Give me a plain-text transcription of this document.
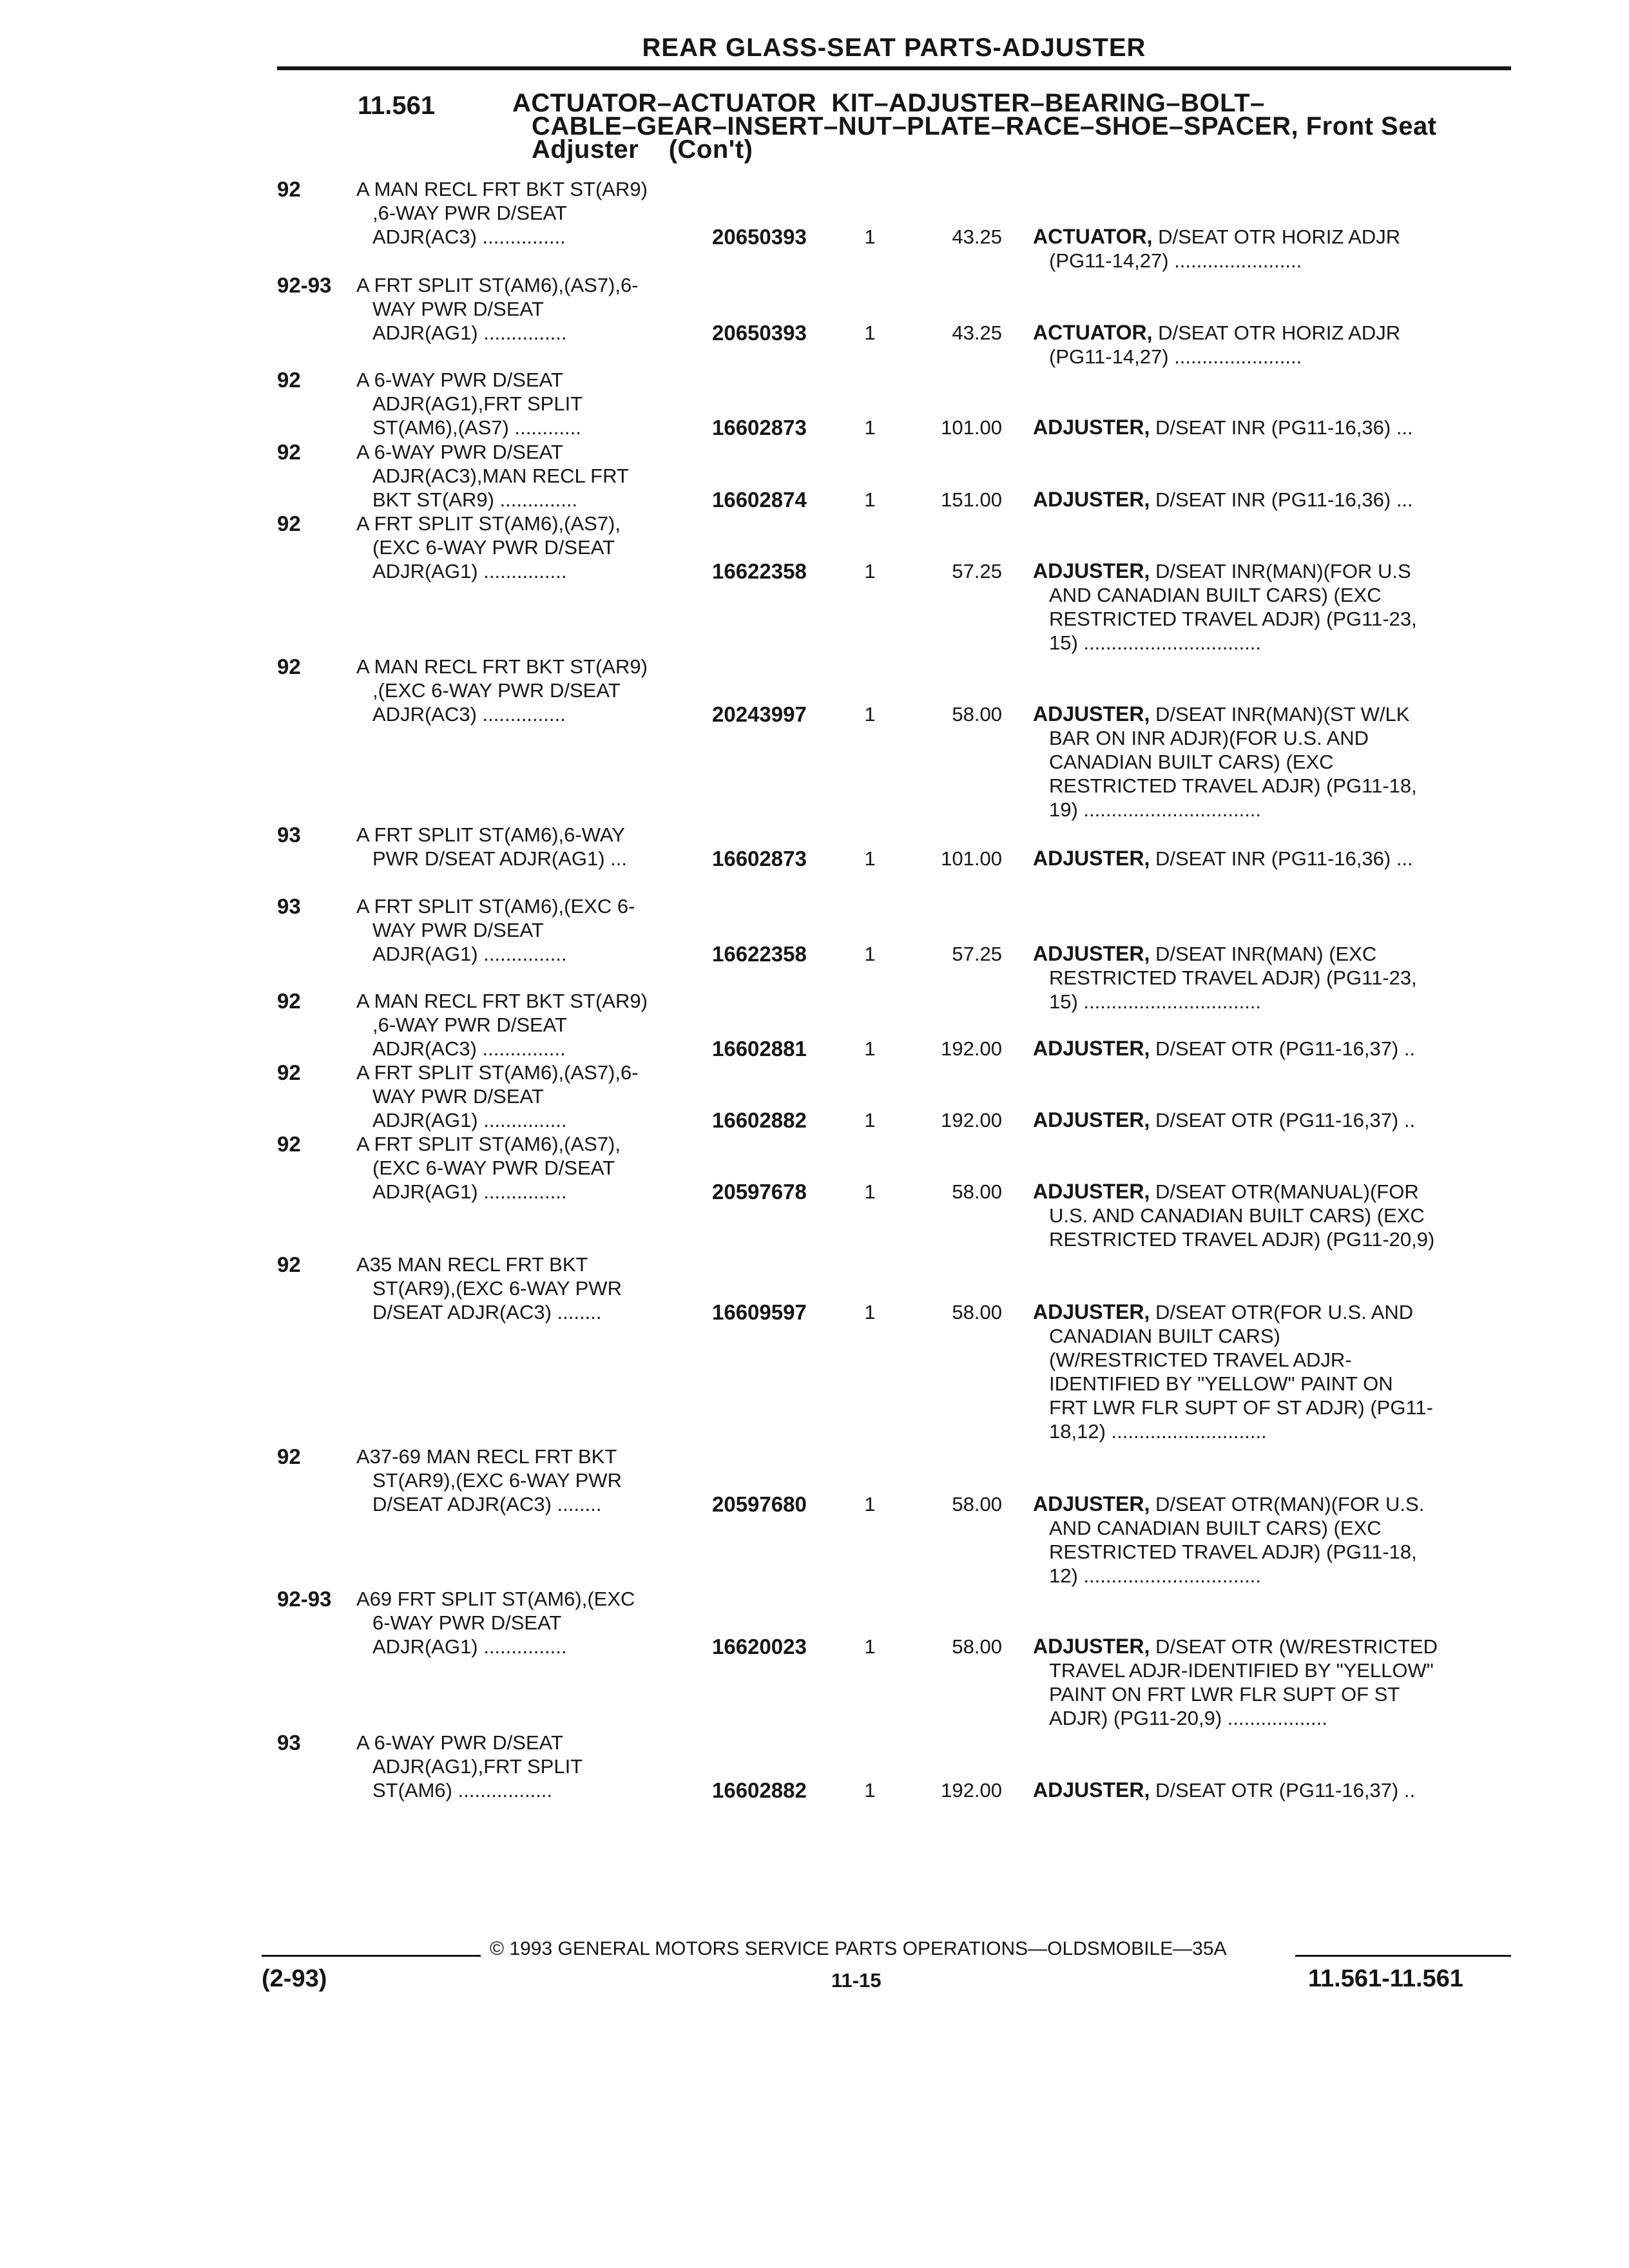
REAR GLASS-SEAT PARTS-ADJUSTER
11.561	ACTUATOR–ACTUATOR  KIT–ADJUSTER–BEARING–BOLT–
CABLE–GEAR–INSERT–NUT–PLATE–RACE–SHOE–SPACER, Front Seat
Adjuster    (Con't)
92	A MAN RECL FRT BKT ST(AR9)
,6-WAY PWR D/SEAT
ADJR(AC3) ...............	20650393	1	43.25 ACTUATOR, D/SEAT OTR HORIZ ADJR
(PG11-14,27) .......................
92-93 A FRT SPLIT ST(AM6),(AS7),6-
WAY PWR D/SEAT
ADJR(AG1) ...............	20650393	1	43.25 ACTUATOR, D/SEAT OTR HORIZ ADJR
(PG11-14,27) .......................
92	A 6-WAY PWR D/SEAT
ADJR(AG1),FRT SPLIT
ST(AM6),(AS7) ............	16602873	1	101.00 ADJUSTER, D/SEAT INR (PG11-16,36) ...
92	A 6-WAY PWR D/SEAT
ADJR(AC3),MAN RECL FRT
BKT ST(AR9) ..............	16602874	1	151.00 ADJUSTER, D/SEAT INR (PG11-16,36) ...
92	A FRT SPLIT ST(AM6),(AS7),
(EXC 6-WAY PWR D/SEAT
ADJR(AG1) ...............	16622358	1	57.25 ADJUSTER, D/SEAT INR(MAN)(FOR U.S
AND CANADIAN BUILT CARS) (EXC
RESTRICTED TRAVEL ADJR) (PG11-23,
15) ................................
92	A MAN RECL FRT BKT ST(AR9)
,(EXC 6-WAY PWR D/SEAT
ADJR(AC3) ...............	20243997	1	58.00 ADJUSTER, D/SEAT INR(MAN)(ST W/LK
BAR ON INR ADJR)(FOR U.S. AND
CANADIAN BUILT CARS) (EXC
RESTRICTED TRAVEL ADJR) (PG11-18,
19) ................................
93	A FRT SPLIT ST(AM6),6-WAY
PWR D/SEAT ADJR(AG1) ...	16602873	1	101.00 ADJUSTER, D/SEAT INR (PG11-16,36) ...
93	A FRT SPLIT ST(AM6),(EXC 6-
WAY PWR D/SEAT
ADJR(AG1) ...............	16622358	1	57.25 ADJUSTER, D/SEAT INR(MAN) (EXC
RESTRICTED TRAVEL ADJR) (PG11-23,
15) ................................
92	A MAN RECL FRT BKT ST(AR9)
,6-WAY PWR D/SEAT
ADJR(AC3) ...............	16602881	1	192.00 ADJUSTER, D/SEAT OTR (PG11-16,37) ..
92	A FRT SPLIT ST(AM6),(AS7),6-
WAY PWR D/SEAT
ADJR(AG1) ...............	16602882	1	192.00 ADJUSTER, D/SEAT OTR (PG11-16,37) ..
92	A FRT SPLIT ST(AM6),(AS7),
(EXC 6-WAY PWR D/SEAT
ADJR(AG1) ...............	20597678	1	58.00 ADJUSTER, D/SEAT OTR(MANUAL)(FOR
U.S. AND CANADIAN BUILT CARS) (EXC
RESTRICTED TRAVEL ADJR) (PG11-20,9)
92	A35 MAN RECL FRT BKT
ST(AR9),(EXC 6-WAY PWR
D/SEAT ADJR(AC3) ........	16609597	1	58.00 ADJUSTER, D/SEAT OTR(FOR U.S. AND
CANADIAN BUILT CARS)
(W/RESTRICTED TRAVEL ADJR-
IDENTIFIED BY "YELLOW" PAINT ON
FRT LWR FLR SUPT OF ST ADJR) (PG11-
18,12) ............................
92	A37-69 MAN RECL FRT BKT
ST(AR9),(EXC 6-WAY PWR
D/SEAT ADJR(AC3) ........	20597680	1	58.00 ADJUSTER, D/SEAT OTR(MAN)(FOR U.S.
AND CANADIAN BUILT CARS) (EXC
RESTRICTED TRAVEL ADJR) (PG11-18,
12) ................................
92-93 A69 FRT SPLIT ST(AM6),(EXC
6-WAY PWR D/SEAT
ADJR(AG1) ...............	16620023	1	58.00 ADJUSTER, D/SEAT OTR (W/RESTRICTED
TRAVEL ADJR-IDENTIFIED BY "YELLOW"
PAINT ON FRT LWR FLR SUPT OF ST
ADJR) (PG11-20,9) ..................
93	A 6-WAY PWR D/SEAT
ADJR(AG1),FRT SPLIT
ST(AM6) .................	16602882	1	192.00 ADJUSTER, D/SEAT OTR (PG11-16,37) ..
© 1993 GENERAL MOTORS SERVICE PARTS OPERATIONS—OLDSMOBILE—35A
(2-93)	11-15	11.561-11.561
